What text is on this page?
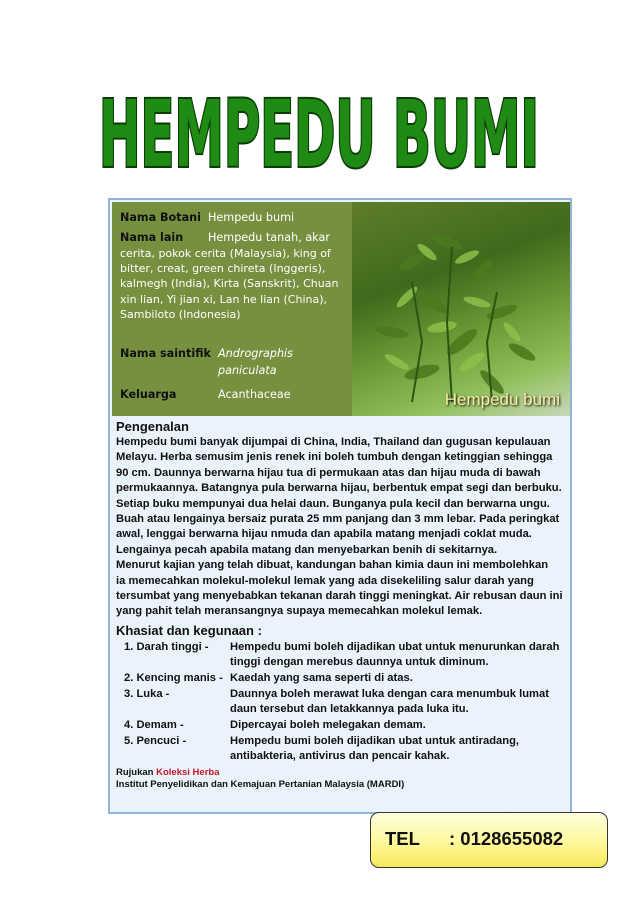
HEMPEDU BUMI
Nama Botani Hempedu bumi
Nama lain Hempedu tanah, akar
cerita, pokok cerita (Malaysia), king of
bitter, creat, green chireta (Inggeris),
kalmegh (India), Kirta (Sanskrit), Chuan
xin lian, Yi jian xi, Lan he lian (China),
Sambiloto (Indonesia)
Nama saintifik Andrographis
paniculata
Keluarga	Acanthaceae	Hempedu bumi

Pengenalan

Hempedu bumi banyak dijumpai di China, India, Thailand dan gugusan kepulauan
Melayu. Herba semusim jenis renek ini boleh tumbuh dengan ketinggian sehingga
90 cm. Daunnya berwarna hijau tua di permukaan atas dan hijau muda di bawah
permukaannya. Batangnya pula berwarna hijau, berbentuk empat segi dan berbuku.
Setiap buku mempunyai dua helai daun. Bunganya pula kecil dan berwarna ungu.
Buah atau lengainya bersaiz purata 25 mm panjang dan 3 mm lebar. Pada peringkat
awal, lenggai berwarna hijau nmuda dan apabila matang menjadi coklat muda.
Lengainya pecah apabila matang dan menyebarkan benih di sekitarnya.
Menurut kajian yang telah dibuat, kandungan bahan kimia daun ini membolehkan
ia memecahkan molekul-molekul lemak yang ada disekeliling salur darah yang
tersumbat yang menyebabkan tekanan darah tinggi meningkat. Air rebusan daun ini
yang pahit telah meransangnya supaya memecahkan molekul lemak.

Khasiat dan kegunaan :

1. Darah tinggi - Hempedu bumi boleh dijadikan ubat untuk menurunkan darah tinggi dengan merebus daunnya untuk diminum.
2. Kencing manis - Kaedah yang sama seperti di atas.
3. Luka -	Daunnya boleh merawat luka dengan cara menumbuk lumat daun tersebut dan letakkannya pada luka itu.
4. Demam -	Dipercayai boleh melegakan demam.
5. Pencuci -	Hempedu bumi boleh dijadikan ubat untuk antiradang, antibakteria, antivirus dan pencair kahak.
Rujukan Koleksi Herba
Institut Penyelidikan dan Kemajuan Pertanian Malaysia (MARDI)
TEL : 0128655082
